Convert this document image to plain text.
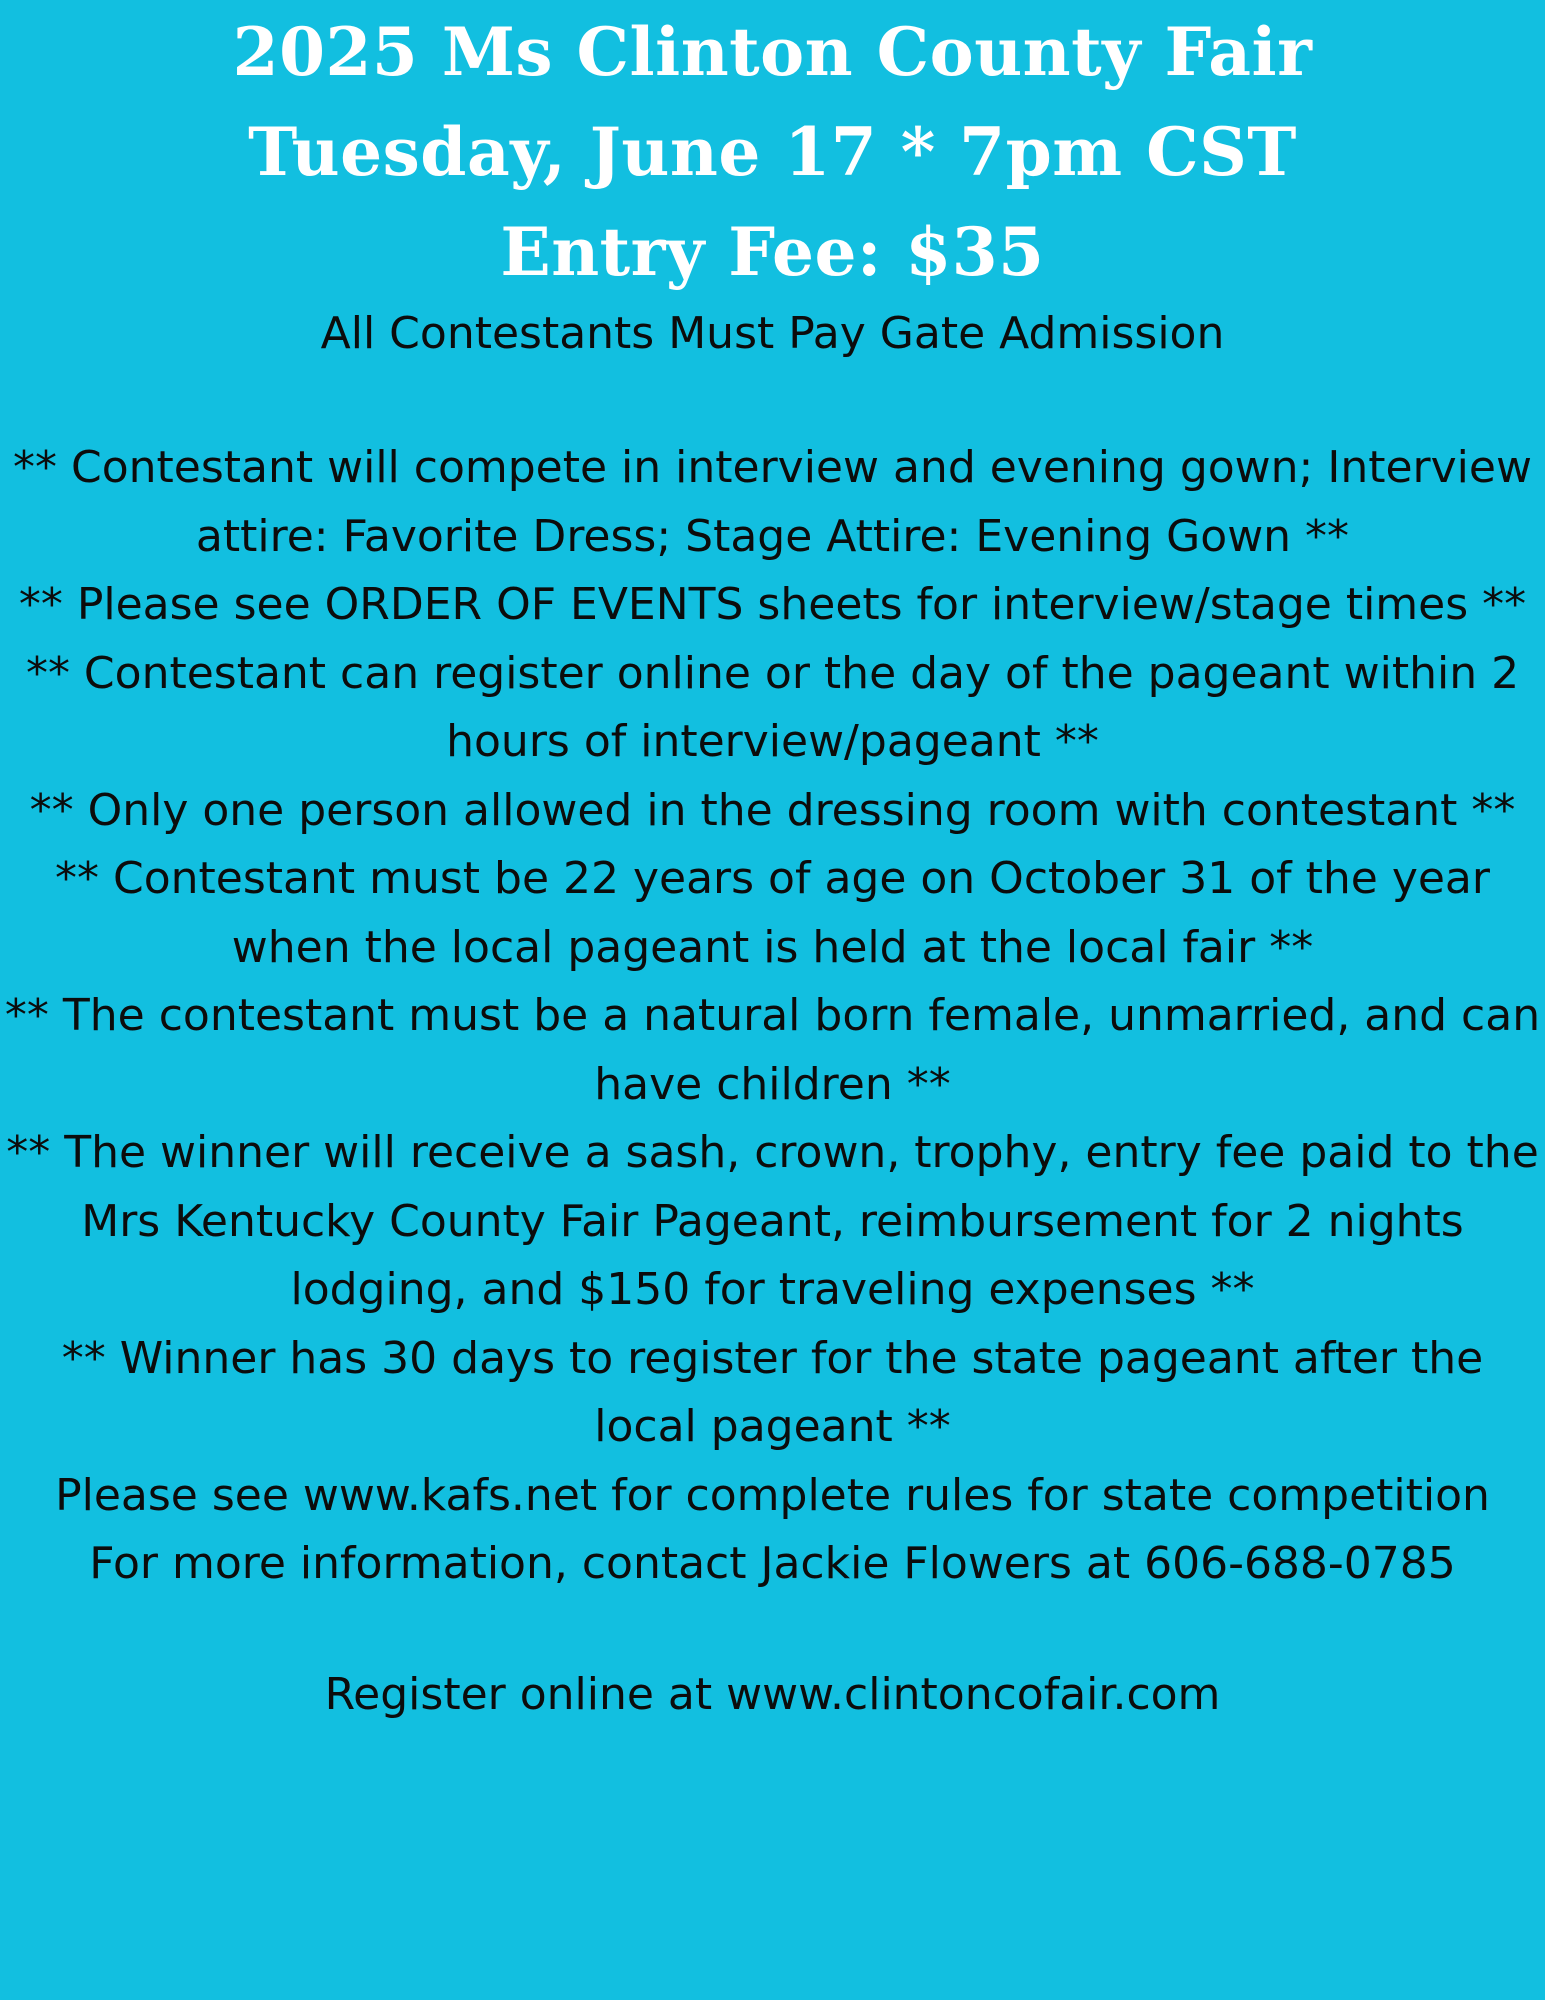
2025 Ms Clinton County Fair
Tuesday, June 17 * 7pm CST
Entry Fee: $35

All Contestants Must Pay Gate Admission

** Contestant will compete in interview and evening gown; Interview attire: Favorite Dress; Stage Attire: Evening Gown **

** Please see ORDER OF EVENTS sheets for interview/stage times **

** Contestant can register online or the day of the pageant within 2 hours of interview/pageant **

** Only one person allowed in the dressing room with contestant **

** Contestant must be 22 years of age on October 31 of the year when the local pageant is held at the local fair **

** The contestant must be a natural born female, unmarried, and can have children **

** The winner will receive a sash, crown, trophy, entry fee paid to the Mrs Kentucky County Fair Pageant, reimbursement for 2 nights lodging, and $150 for traveling expenses **

** Winner has 30 days to register for the state pageant after the local pageant **

Please see www.kafs.net for complete rules for state competition

For more information, contact Jackie Flowers at 606-688-0785

Register online at www.clintoncofair.com
